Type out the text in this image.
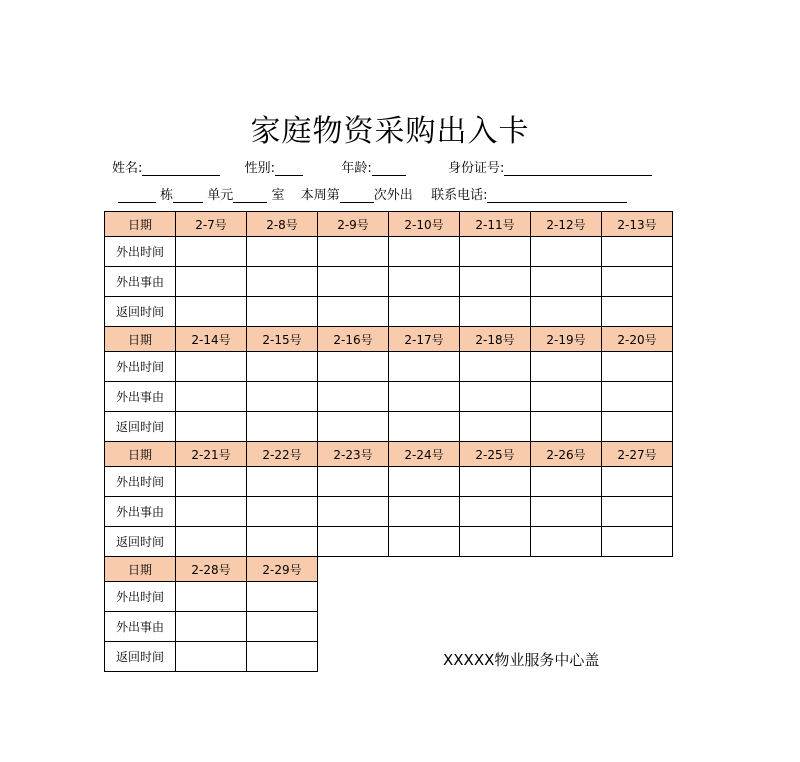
家庭物资采购出入卡
姓名:	性别:	年龄:	身份证号:
栋	单元	室 本周第	次外出 联系电话:
日期	2-7号	2-8号	2-9号	2-10号	2-11号	2-12号	2-13号
外出时间							
外出事由							
返回时间							
日期	2-14号	2-15号	2-16号	2-17号	2-18号	2-19号	2-20号
外出时间							
外出事由							
返回时间							
日期	2-21号	2-22号	2-23号	2-24号	2-25号	2-26号	2-27号
外出时间							
外出事由							
返回时间							
日期	2-28号	2-29号					
外出时间							
外出事由							
返回时间								XXXXX物业服务中心盖
